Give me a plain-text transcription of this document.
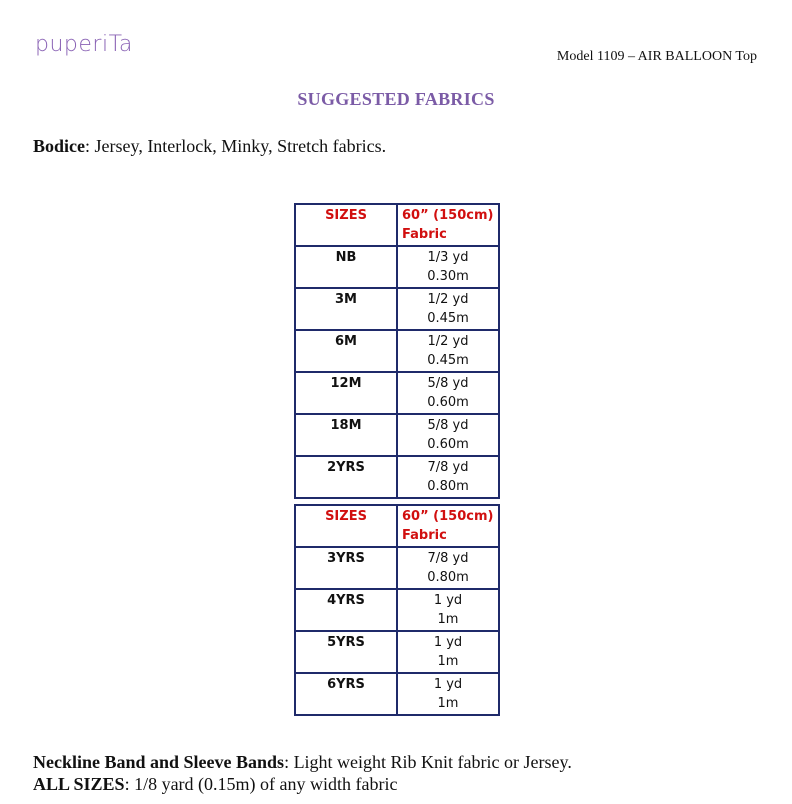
puperiTa	Model 1109 – AIR BALLOON Top
SUGGESTED FABRICS
Bodice: Jersey, Interlock, Minky, Stretch fabrics.
SIZES	60” (150cm)
Fabric

NB	1/3 yd
0.30m

3M	1/2 yd
0.45m

6M	1/2 yd
0.45m

12M	5/8 yd
0.60m

18M	5/8 yd
0.60m

2YRS	7/8 yd
0.80m
SIZES	60” (150cm)
Fabric

3YRS	7/8 yd
0.80m

4YRS	1 yd
1m

5YRS	1 yd
1m

6YRS	1 yd
1m
Neckline Band and Sleeve Bands: Light weight Rib Knit fabric or Jersey.
ALL SIZES: 1/8 yard (0.15m) of any width fabric
